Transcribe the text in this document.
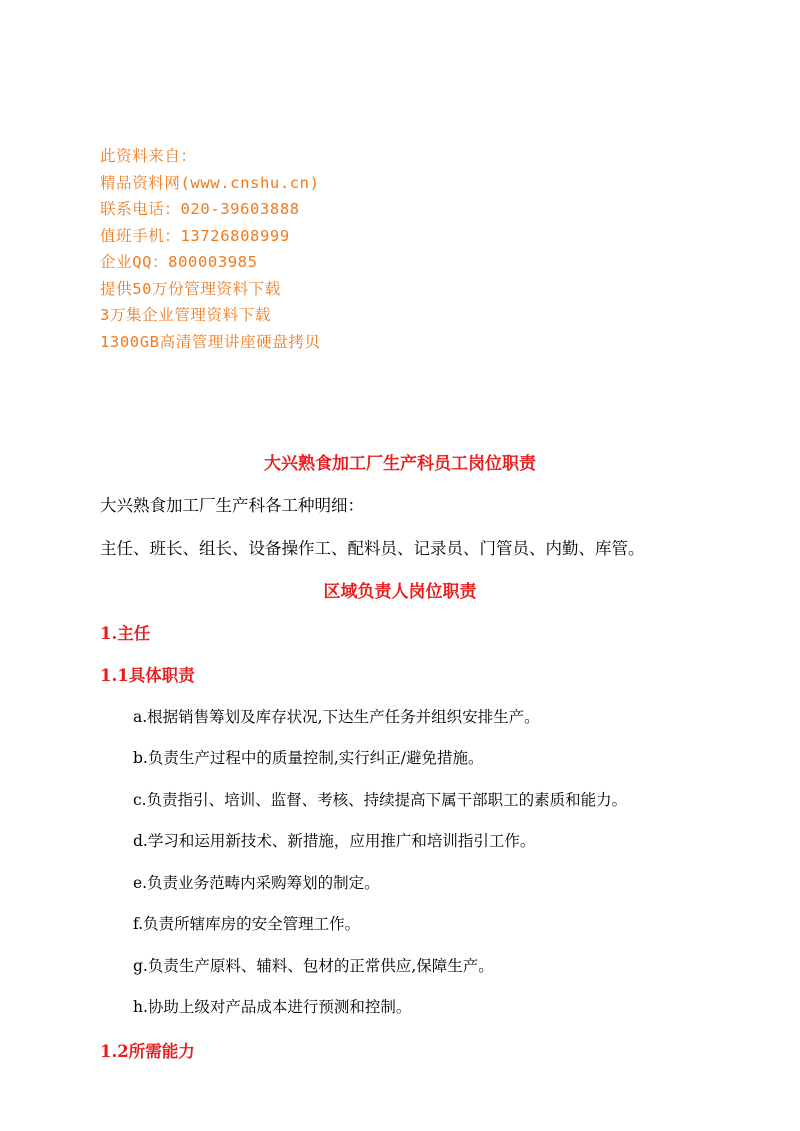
此资料来自：
精品资料网(www.cnshu.cn)
联系电话：020-39603888
值班手机：13726808999
企业QQ：800003985
提供50万份管理资料下载
3万集企业管理资料下载
1300GB高清管理讲座硬盘拷贝
大兴熟食加工厂生产科员工岗位职责
大兴熟食加工厂生产科各工种明细：
主任、班长、组长、设备操作工、配料员、记录员、门管员、内勤、库管。
区域负责人岗位职责
1.主任
1.1具体职责
a.根据销售筹划及库存状况,下达生产任务并组织安排生产。
b.负责生产过程中的质量控制,实行纠正/避免措施。
c.负责指引、培训、监督、考核、持续提高下属干部职工的素质和能力。
d.学习和运用新技术、新措施，应用推广和培训指引工作。
e.负责业务范畴内采购筹划的制定。
f.负责所辖库房的安全管理工作。
g.负责生产原料、辅料、包材的正常供应,保障生产。
h.协助上级对产品成本进行预测和控制。
1.2所需能力
